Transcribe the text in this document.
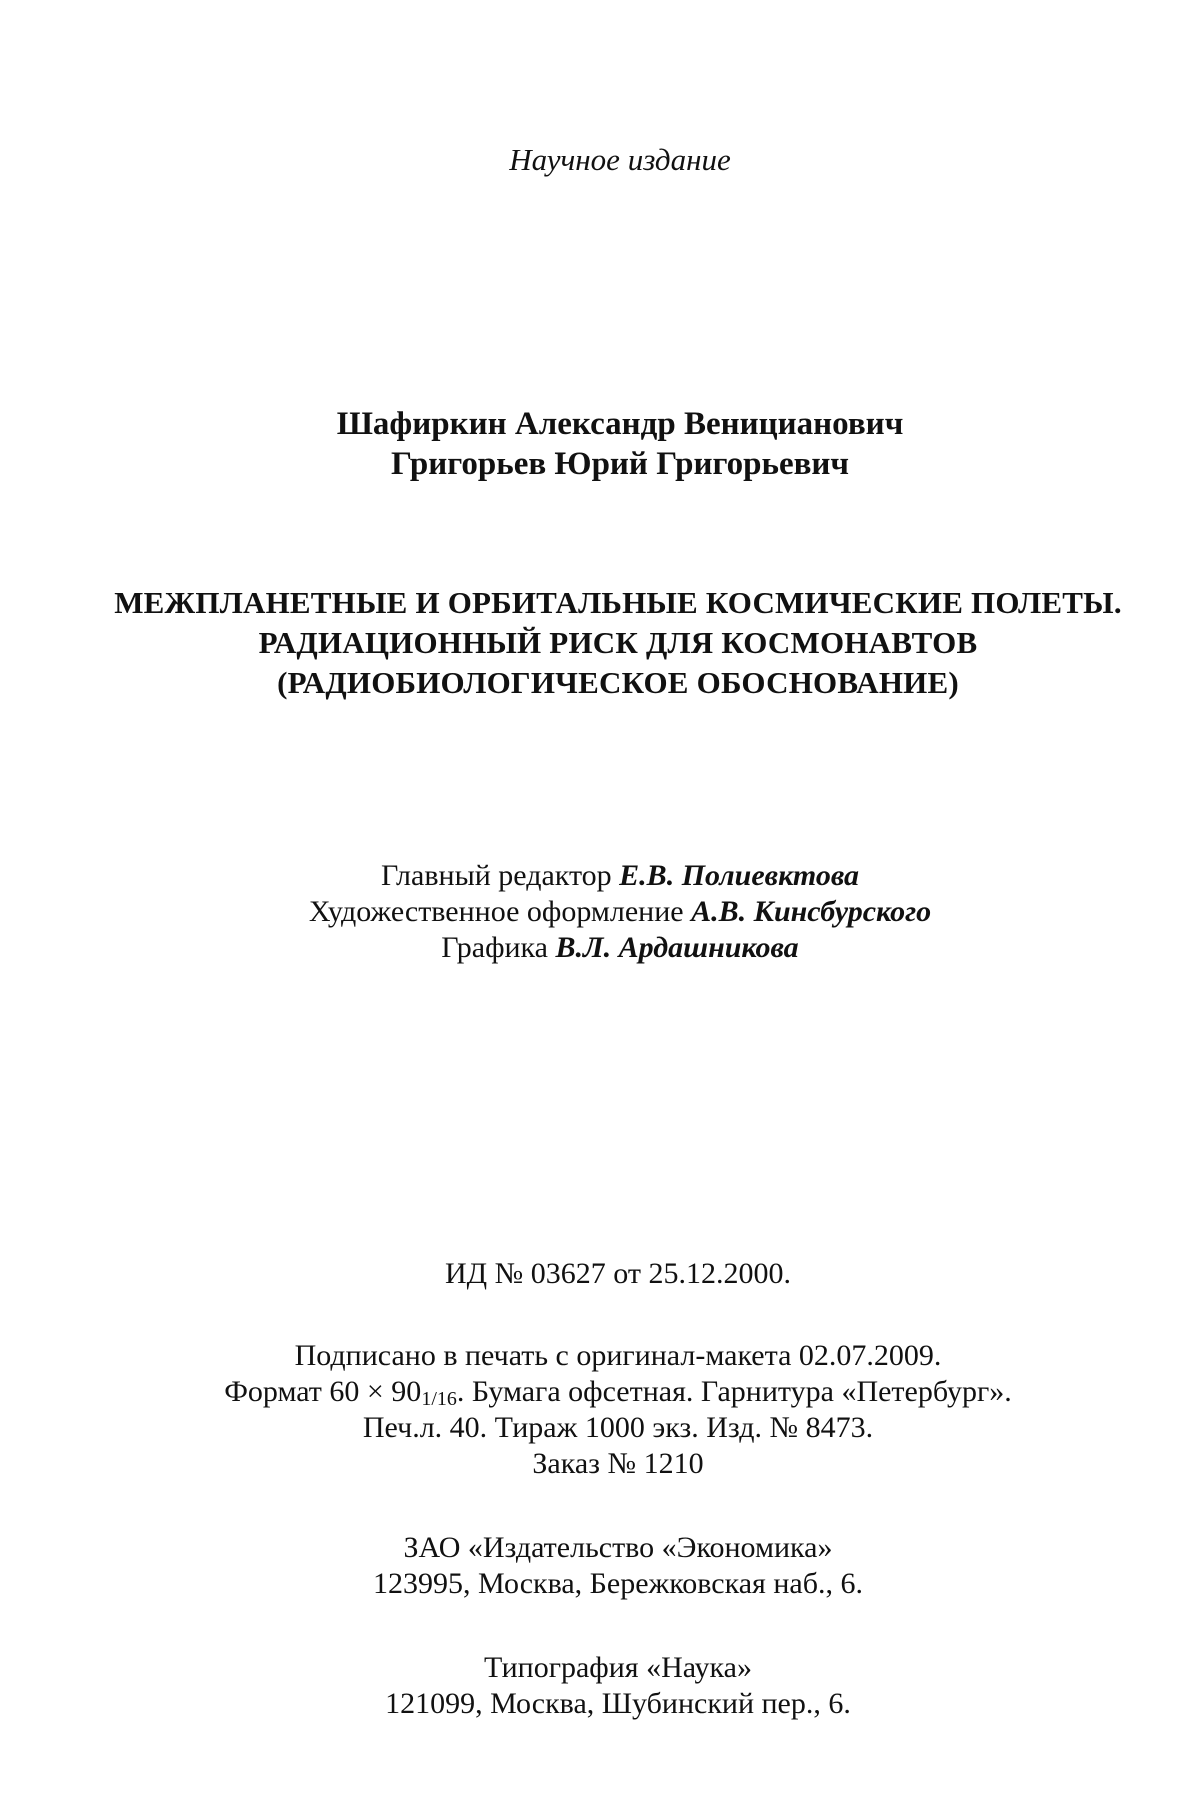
Научное издание
Шафиркин Александр Веницианович
Григорьев Юрий Григорьевич
МЕЖПЛАНЕТНЫЕ И ОРБИТАЛЬНЫЕ КОСМИЧЕСКИЕ ПОЛЕТЫ.
РАДИАЦИОННЫЙ РИСК ДЛЯ КОСМОНАВТОВ
(РАДИОБИОЛОГИЧЕСКОЕ ОБОСНОВАНИЕ)
Главный редактор Е.В. Полиевктова
Художественное оформление А.В. Кинсбурского
Графика В.Л. Ардашникова
ИД № 03627 от 25.12.2000.
Подписано в печать с оригинал-макета 02.07.2009.
Формат 60 × 901/16. Бумага офсетная. Гарнитура «Петербург».
Печ.л. 40. Тираж 1000 экз. Изд. № 8473.
Заказ № 1210
ЗАО «Издательство «Экономика»
123995, Москва, Бережковская наб., 6.
Типография «Наука»
121099, Москва, Шубинский пер., 6.
